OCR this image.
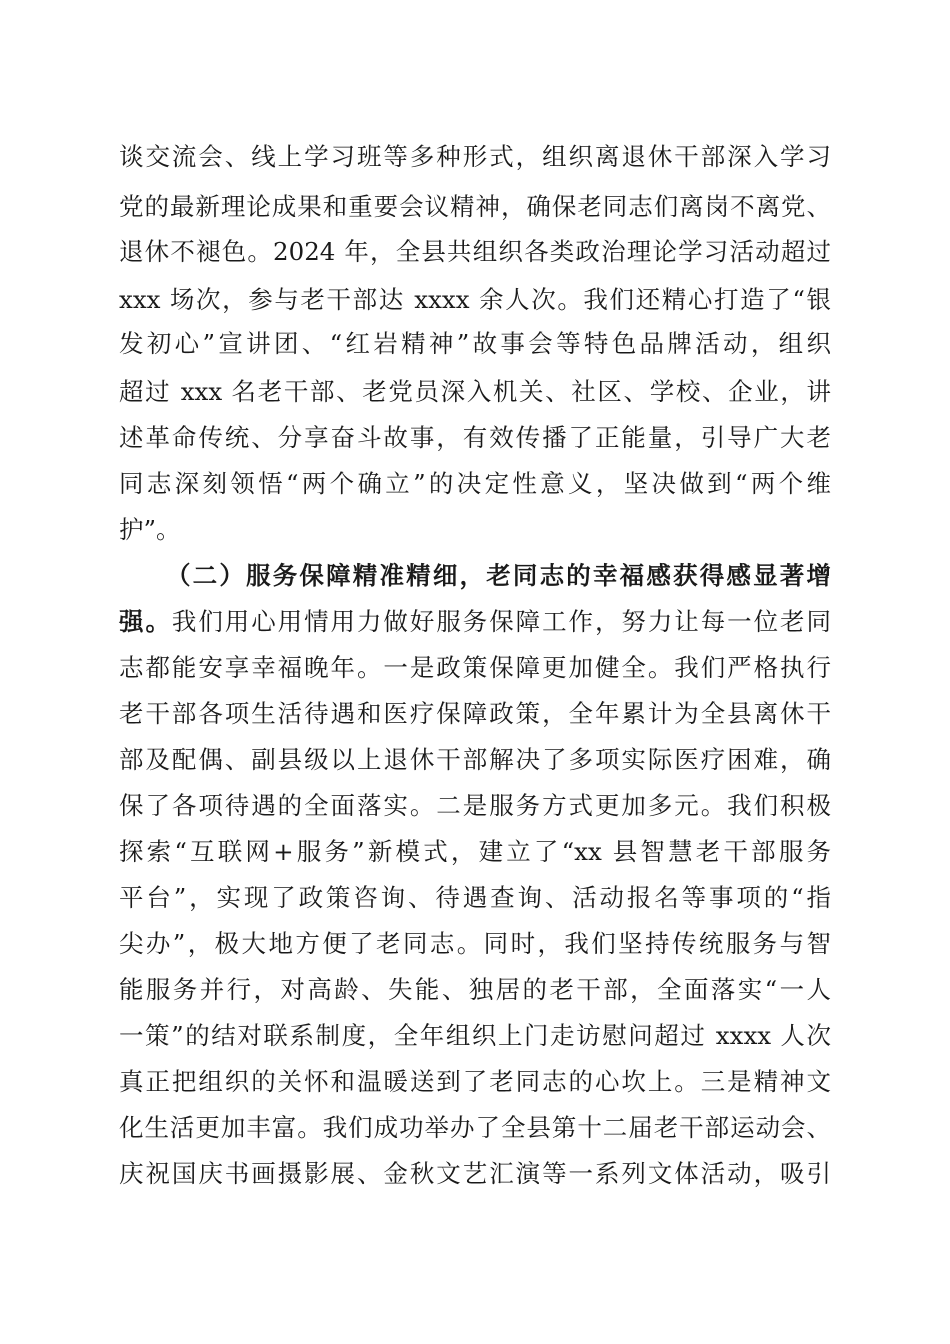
谈交流会、线上学习班等多种形式，组织离退休干部深入学习
党的最新理论成果和重要会议精神，确保老同志们离岗不离党、
退休不褪色。2024 年，全县共组织各类政治理论学习活动超过
xxx 场次，参与老干部达 xxxx 余人次。我们还精心打造了“银
发初心”宣讲团、“红岩精神”故事会等特色品牌活动，组织
超过 xxx 名老干部、老党员深入机关、社区、学校、企业，讲
述革命传统、分享奋斗故事，有效传播了正能量，引导广大老
同志深刻领悟“两个确立”的决定性意义，坚决做到“两个维
护”。
（二）服务保障精准精细，老同志的幸福感获得感显著增
强。我们用心用情用力做好服务保障工作，努力让每一位老同
志都能安享幸福晚年。一是政策保障更加健全。我们严格执行
老干部各项生活待遇和医疗保障政策，全年累计为全县离休干
部及配偶、副县级以上退休干部解决了多项实际医疗困难，确
保了各项待遇的全面落实。二是服务方式更加多元。我们积极
探索“互联网+服务”新模式，建立了“xx 县智慧老干部服务
平台”，实现了政策咨询、待遇查询、活动报名等事项的“指
尖办”，极大地方便了老同志。同时，我们坚持传统服务与智
能服务并行，对高龄、失能、独居的老干部，全面落实“一人
一策”的结对联系制度，全年组织上门走访慰问超过 xxxx 人次
真正把组织的关怀和温暖送到了老同志的心坎上。三是精神文
化生活更加丰富。我们成功举办了全县第十二届老干部运动会、
庆祝国庆书画摄影展、金秋文艺汇演等一系列文体活动，吸引
